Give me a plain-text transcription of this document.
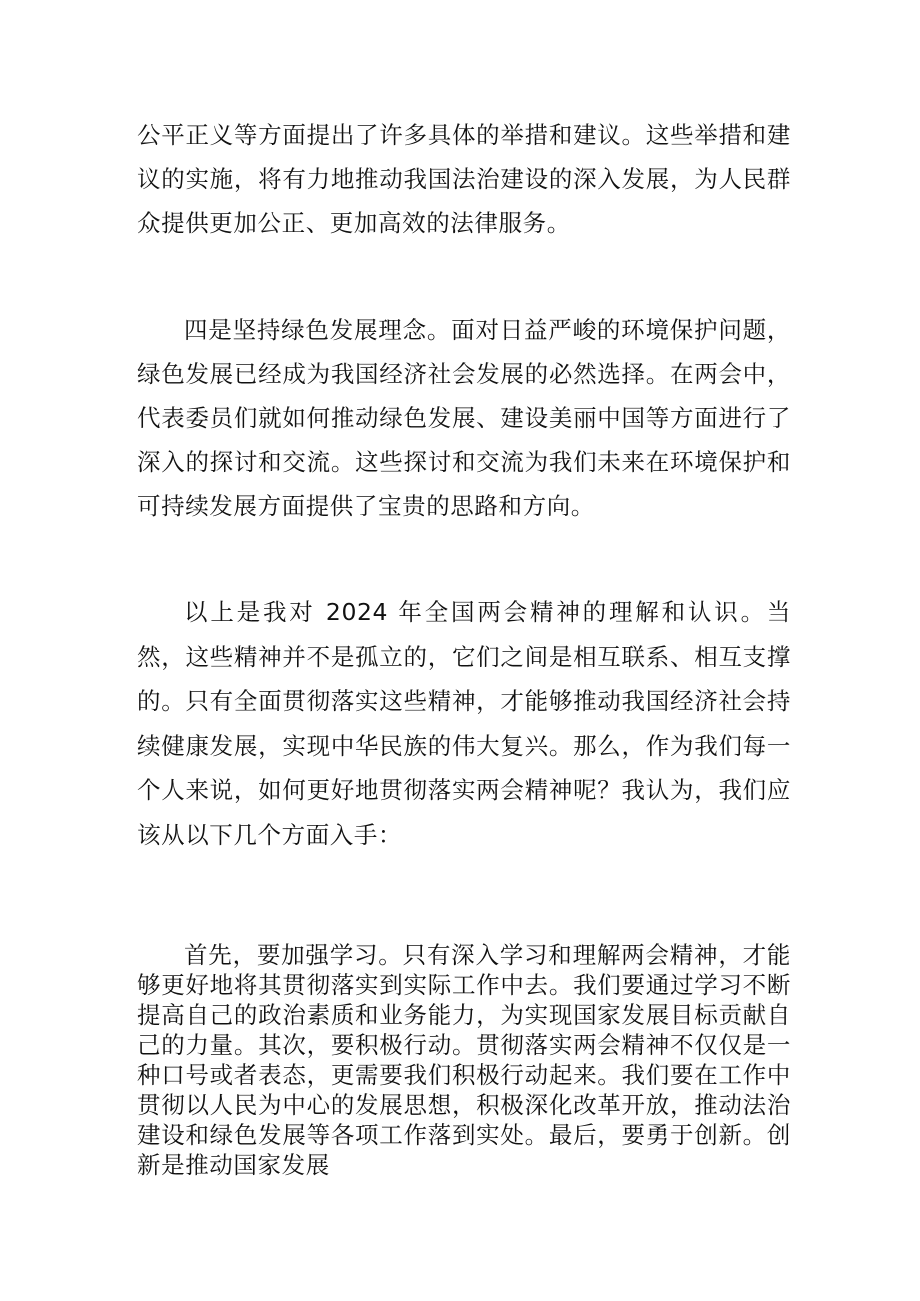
公平正义等方面提出了许多具体的举措和建议。这些举措和建议的实施，将有力地推动我国法治建设的深入发展，为人民群众提供更加公正、更加高效的法律服务。

四是坚持绿色发展理念。面对日益严峻的环境保护问题，绿色发展已经成为我国经济社会发展的必然选择。在两会中，代表委员们就如何推动绿色发展、建设美丽中国等方面进行了深入的探讨和交流。这些探讨和交流为我们未来在环境保护和可持续发展方面提供了宝贵的思路和方向。

以上是我对 2024 年全国两会精神的理解和认识。当然，这些精神并不是孤立的，它们之间是相互联系、相互支撑的。只有全面贯彻落实这些精神，才能够推动我国经济社会持续健康发展，实现中华民族的伟大复兴。那么，作为我们每一个人来说，如何更好地贯彻落实两会精神呢？我认为，我们应该从以下几个方面入手：

首先，要加强学习。只有深入学习和理解两会精神，才能够更好地将其贯彻落实到实际工作中去。我们要通过学习不断提高自己的政治素质和业务能力，为实现国家发展目标贡献自己的力量。其次，要积极行动。贯彻落实两会精神不仅仅是一种口号或者表态，更需要我们积极行动起来。我们要在工作中贯彻以人民为中心的发展思想，积极深化改革开放，推动法治建设和绿色发展等各项工作落到实处。最后，要勇于创新。创新是推动国家发展
